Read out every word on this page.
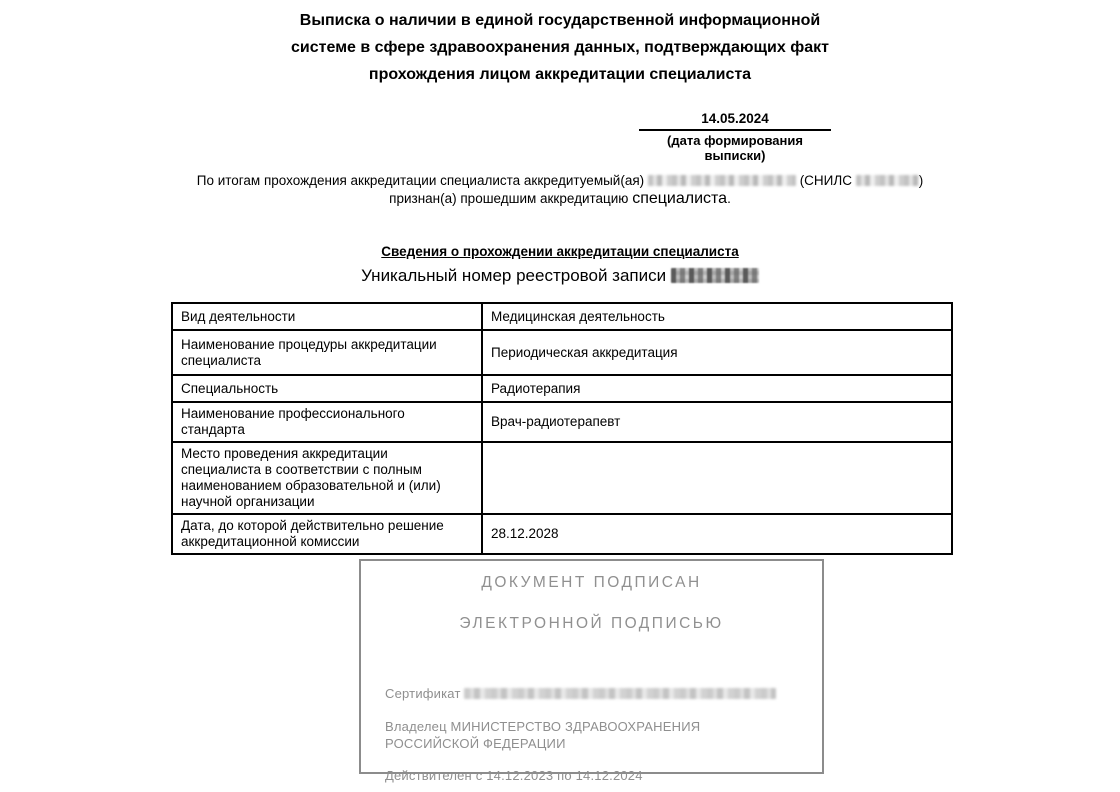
Выписка о наличии в единой государственной информационной системе в сфере здравоохранения данных, подтверждающих факт прохождения лицом аккредитации специалиста
14.05.2024
(дата формирования выписки)
По итогам прохождения аккредитации специалиста аккредитуемый(ая)	(СНИЛС	)
признан(а) прошедшим аккредитацию специалиста.
Сведения о прохождении аккредитации специалиста
Уникальный номер реестровой записи
Вид деятельности	Медицинская деятельность
Наименование процедуры аккредитации специалиста	Периодическая аккредитация
Специальность	Радиотерапия
Наименование профессионального стандарта	Врач-радиотерапевт
Место проведения аккредитации специалиста в соответствии с полным наименованием образовательной и (или) научной организации	
Дата, до которой действительно решение аккредитационной комиссии	28.12.2028

ДОКУМЕНТ ПОДПИСАН

ЭЛЕКТРОННОЙ ПОДПИСЬЮ

Сертификат

Владелец МИНИСТЕРСТВО ЗДРАВООХРАНЕНИЯ РОССИЙСКОЙ ФЕДЕРАЦИИ

Действителен с 14.12.2023 по 14.12.2024
